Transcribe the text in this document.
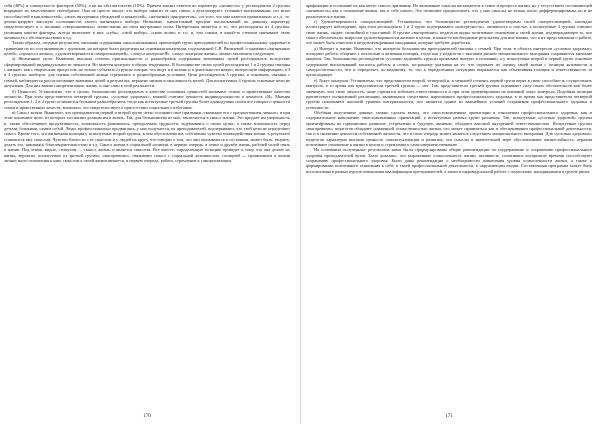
себя (48%) и совокупность факторов (50%), а не на обстоятельства (10%). Причем анализ ответов по параметру «личностъ» у респондентов 2 группы вскрывает их качественное своеобразие. Они не просто пишут, что выбора зависит от них самих, а детализируют, уточняют высказывания: «от моих способностей и наклонностей», «моих внутренних убеждений и ценностей», «желаемых приоритетов», «от того, что мне кажется правильным» и т.д., те, демонстрируют высокую осознанность своего жизненного выбора. Возможно, значительный процент высказываний по данному параметру свидетельствует и о желании «сверхзначимых» лично-жизнь на свои внутренние силы. Интересным является и то, что респонденты из 4 группы, упоминая многие факторы, всегда включают в них «себя», «свой выбор», «свою волю» и т.п. и, тем самым, в какой-то степени связывают свою активность с обстоятельствами в т.д.

Таким образом, сводные результаты описания содержания смысложизненных ориентаций групп преподавателей по профессиональному здоровью в сравнении их по составляющим с группами, на которые были разделены на основании концепции, подсказанной С.В. Яковлевой, о значении «жизненных целей», «процесса жизни», «удовлетворенности самореализацией», «локуса контроля-Я», «локус контроля-жизнь», можно заключить следующее.

а) Жизненные цели. Выявлена высокая степень оригинальности и разнообразия содержания жизненных целей респондентов вследствие сформированной индивидуальности личности. Но заметен контраст в общих тенденциях. В большинстве своих целей респонденты 1 и 2 группы связаны с жизнью, как с творческим процессом, но только субъекты 2 группы говорят, что ищут и в жизни, и в деятельности новую, интересную информацию, а 3 и 4 группы, наоборот, для оценки собственной жизни стремились к разнообразным условиям. Цели респондентов 3 группы, в основном, связаны с семьей, наблюдается рассогласование значимых целей и результата, вероятно низкая осмысленность целей. Для испытуемых 4 группы основные цели не актуальны. Для них важна самореализация, жизнь, и они сами в этой реальности.

б) Ценности. Установлено, что в целом, большинство респондентов в качестве основных ценностей называют семью и нравственные качества личности. При этом представители четвертой группы, «условно здоровых», важной считают ценность индивидуальности и ценность «Я». Мнения респондентов 1, 2 и 4 групп отличаются большим разнообразием, тогда как испытуемые третьей группы более единодушны почти все говорят о ценности семьи и нравственных качеств, возможно, это свидетельствует о присутствии социального избегания.

в) Смысл жизни. Выявлено, что преподаватели первой и второй групп четко осознают свое призвание, связанное его с предпочтением личного, и при этом понимают цели, из которых эти жизни должны им в жизнь. Так, для большинства из них, заключается в смысл жизни. Это придает им уверенность и, также обеспечивает продуктивность, возможность развиваться, преодолевать трудности, задумываясь о своих целях, а также возможность перед детьми, близкими, самим собой. Люди, профессионально продвигаясь, у них получается, их преподавателей, подчеркивают, что этой цели не определяют смысл. Кроме того, эта жизненная позиция у испытуемых второй группы, в чем обусловлена им, собственно чувство взаимодействия жизни, в результате становится ему смыслом. Чувство близости с ее смыслом и у людей их кругу, что говорит о том, что они оказываются в состоянии, может быть, творить, делать это, занимаясь благотворительностью и т.д. Смысл жизни в социальной позиции, в первую очередь, в семье и дружбе жизнь, рабочей силой связь в жизни. Под этими, видно, стимулом — смысл, жизнь, и является смыслом. Все вместе, определенную позицию приведет к тому, что она делает их жизнь, вероятно, испытуемые из третьей группы, «выгоревших», связывают смысл с социальной активностью, позицией — проявлением в жизни личностного отношения к ним, смыслом к своей жизни является, в первую очередь, работа, стремление к самореализации.

170

арификации и осознание их как нечто самого призвания. Их жизненные смыслы насыщаются в семье и процессе жизни, но у отсутствием составляющей «активность» как о отношение жизни, так и себе самого. Это позволяет предположить, что у них смыслы не только плохо дифференцированы, но и не реализуются в жизни.

г) Удовлетворенность самореализацией. Установлено, что большинство респондентов удовлетворены своей самореализацией, наглядно иллюстрирует наблюдение, при этом респонденты 1 и 2 групп подчеркивают «интересность», активность и счастье, а испытуемые 4 группы считают свою жизнь, скорее, спокойной и счастливой. В группе «выгоревших» педагогов видно позитивное отношение к своей жизни, подтверждающее то, что смысл обеспечен по вопросам удовлетворенности жизнью в целом, и какие-то необходимые результаты для них важны, что в их представлении о работе, что может быть отнесено к неудовлетворенным ожиданиям, которые требуют доработки.

д) Интерес к жизни. Выявлено, что интересы большинства преподавателей связаны с семьей. При этом, в область интересов «условно здоровых» попадают работа, общение с коллегами и активная позиция, тогда как у педагогов с высоким риском эмоционального выгорания сохраняются внешние акценты. Так, большинство респондентов «условно здоровой» группы проявляют интерес к познанию, а у испытуемых второй и первой групп основное содержание высказываний касалось работы и семьи, по-разному указывая на то, что отражает их оценку своей жизни с позиции активности и самодостаточности, что и определяет, по-видимому, то, что в определенных ситуациях выражается как объективная позиция и ответственность за происходящее.

е) Локус контроля. Установлено, что представители второй, четвертой и, в меньшей степени, первой групп верят в свою способность осуществлять контроль, в то время как представители третьей группы — нет. Так, представители третьей группы оценивают силу своих обстоятельств как более значимую, чем свою личность, чаще стремятся избежать ответственности и при этом ориентированы на внешний локус контроля. Подобная позиция препятствует полноценной реализации, являющаяся следствием, нарушенного профессионального здоровья, в то время как представители четвертой группы показывают высокий уровень интернальности, что является одним из важнейших условий сохранения профессионального здоровья и успешности.

Обобщая полученные данные, можно сделать вывод, что смысложизненные ориентации в отношении профессионального здоровья, как и содержательное наполнение смысложизненных ориентаций, у испытуемых разных групп различны. Так, испытуемые «условно здоровой» группы ориентированы на гармоничное развитие, устремлены в будущее, активны, обладают высокой внутренней ответственностью. Испытуемые группы «выгоревших» педагогов обладают сниженной осмысленностью жизни, что может проявляться как в обесценивании профессиональной деятельности, так и в снижении ценности собственной личности, что в свою очередь может являться следствием эмоционального выгорания. Для «условно здоровых» педагогов характерна высокая ценность самоактуализации и развития, эти смыслы в значительной мере обусловливают жизнестойкость, отражая позитивное отношение к жизни в целом и стремление к самосовершенствованию.

На основании полученных результатов нами были сформулированы общие рекомендации по поддержанию и сохранению профессионального здоровья преподавателей вузов. Было доказано, что выраженные осмысленность жизни, активность, позитивное восприятие времени способствуют сохранению профессионального здоровья. Были даны рекомендации о необходимости повышения уровня осмысленности жизни, а также о формировании позитивного отношения к себе, к своей профессиональной деятельности, к окружающим людям. Составленная программа может быть использована в рамках курсов повышения квалификации преподавателей, а также в индивидуальной работе с педагогами, находящимися в группе риска.

171
